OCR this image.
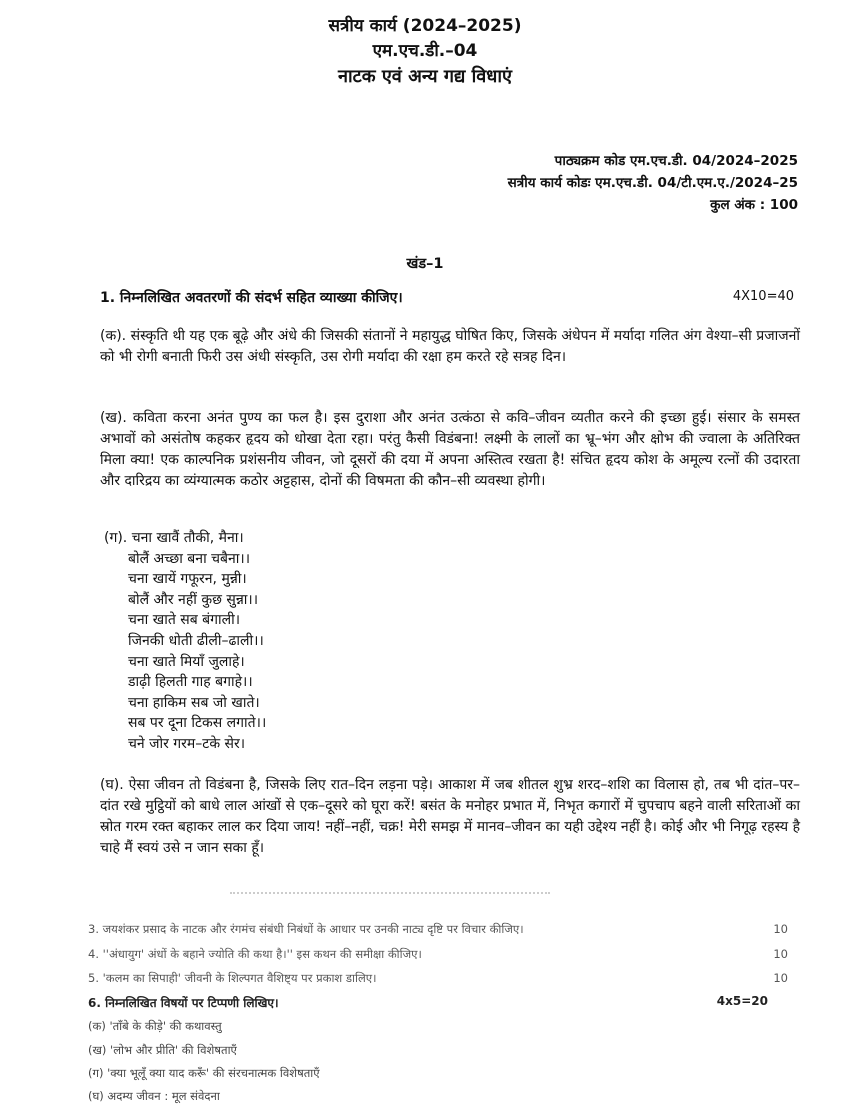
सत्रीय कार्य (2024–2025)
एम.एच.डी.–04
नाटक एवं अन्य गद्य विधाएं
पाठ्यक्रम कोड एम.एच.डी. 04/2024–2025
सत्रीय कार्य कोडः एम.एच.डी. 04/टी.एम.ए./2024–25
कुल अंक : 100
खंड–1
1. निम्नलिखित अवतरणों की संदर्भ सहित व्याख्या कीजिए।	4X10=40
(क). संस्कृति थी यह एक बूढ़े और अंधे की जिसकी संतानों ने महायुद्ध घोषित किए, जिसके अंधेपन में मर्यादा गलित अंग वेश्या–सी प्रजाजनों को भी रोगी बनाती फिरी उस अंधी संस्कृति, उस रोगी मर्यादा की रक्षा हम करते रहे सत्रह दिन।
(ख). कविता करना अनंत पुण्य का फल है। इस दुराशा और अनंत उत्कंठा से कवि–जीवन व्यतीत करने की इच्छा हुई। संसार के समस्त अभावों को असंतोष कहकर हृदय को धोखा देता रहा। परंतु कैसी विडंबना! लक्ष्मी के लालों का भ्रू–भंग और क्षोभ की ज्वाला के अतिरिक्त मिला क्या! एक काल्पनिक प्रशंसनीय जीवन, जो दूसरों की दया में अपना अस्तित्व रखता है! संचित हृदय कोश के अमूल्य रत्नों की उदारता और दारिद्रय का व्यंग्यात्मक कठोर अट्टहास, दोनों की विषमता की कौन–सी व्यवस्था होगी।
(ग). चना खावैं तौकी, मैना।
बोलैं अच्छा बना चबैना।।
चना खायें गफूरन, मुन्नी।
बोलैं और नहीं कुछ सुन्ना।।
चना खाते सब बंगाली।
जिनकी धोती ढीली–ढाली।।
चना खाते मियाँ जुलाहे।
डाढ़ी हिलती गाह बगाहे।।
चना हाकिम सब जो खाते।
सब पर दूना टिकस लगाते।।
चने जोर गरम–टके सेर।
(घ). ऐसा जीवन तो विडंबना है, जिसके लिए रात–दिन लड़ना पड़े। आकाश में जब शीतल शुभ्र शरद–शशि का विलास हो, तब भी दांत–पर–दांत रखे मुट्ठियों को बाधे लाल आंखों से एक–दूसरे को घूरा करें! बसंत के मनोहर प्रभात में, निभृत कगारों में चुपचाप बहने वाली सरिताओं का स्रोत गरम रक्त बहाकर लाल कर दिया जाय! नहीं–नहीं, चक्र! मेरी समझ में मानव–जीवन का यही उद्देश्य नहीं है। कोई और भी निगूढ़ रहस्य है चाहे मैं स्वयं उसे न जान सका हूँ।
3. जयशंकर प्रसाद के नाटक और रंगमंच संबंधी निबंधों के आधार पर उनकी नाट्य दृष्टि पर विचार कीजिए।	10
4. ''अंधायुग' अंधों के बहाने ज्योति की कथा है।'' इस कथन की समीक्षा कीजिए।	10
5. 'कलम का सिपाही' जीवनी के शिल्पगत वैशिष्ट्य पर प्रकाश डालिए।	10
6. निम्नलिखित विषयों पर टिप्पणी लिखिए।	4x5=20
(क) 'ताँबे के कीड़े' की कथावस्तु
(ख) 'लोभ और प्रीति' की विशेषताएँ
(ग) 'क्या भूलूँ क्या याद करूँ' की संरचनात्मक विशेषताएँ
(घ) अदम्य जीवन : मूल संवेदना
